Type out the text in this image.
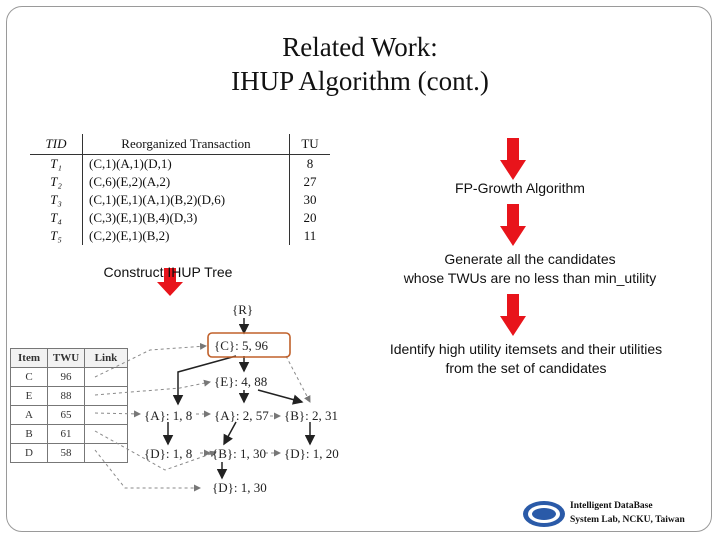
Related Work:
IHUP Algorithm (cont.)
TID	Reorganized Transaction	TU
T₁	(C,1)(A,1)(D,1)	8
T₂	(C,6)(E,2)(A,2)	27
T₃	(C,1)(E,1)(A,1)(B,2)(D,6)	30
T₄	(C,3)(E,1)(B,4)(D,3)	20
T₅	(C,2)(E,1)(B,2)	11
FP-Growth Algorithm
Construct IHUP Tree
Generate all the candidates
whose TWUs are no less than min_utility
Identify high utility itemsets and their utilities
from the set of candidates
Item	TWU	Link
C	96	
E	88	
A	65	
B	61	
D	58	
{R}
{C}: 5, 96
{E}: 4, 88
{A}: 1, 8 {A}: 2, 57 {B}: 2, 31
{D}: 1, 8 {B}: 1, 30 {D}: 1, 20
{D}: 1, 30
Intelligent DataBase
System Lab, NCKU, Taiwan
